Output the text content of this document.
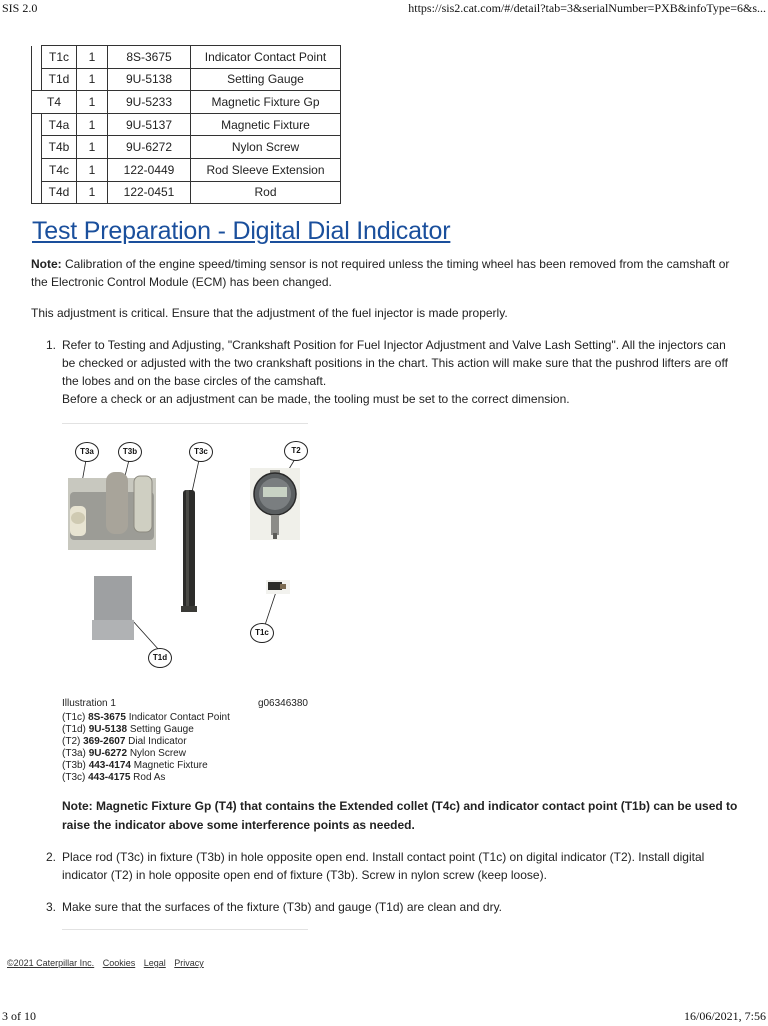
SIS 2.0	https://sis2.cat.com/#/detail?tab=3&serialNumber=PXB&infoType=6&s...
	T1c	1	8S-3675	Indicator Contact Point
	T1d	1	9U-5138	Setting Gauge
T4		1	9U-5233	Magnetic Fixture Gp
	T4a	1	9U-5137	Magnetic Fixture
	T4b	1	9U-6272	Nylon Screw
	T4c	1	122-0449	Rod Sleeve Extension
	T4d	1	122-0451	Rod
Test Preparation - Digital Dial Indicator

Note: Calibration of the engine speed/timing sensor is not required unless the timing wheel has been removed from the camshaft or the Electronic Control Module (ECM) has been changed.

This adjustment is critical. Ensure that the adjustment of the fuel injector is made properly.

1. Refer to Testing and Adjusting, "Crankshaft Position for Fuel Injector Adjustment and Valve Lash Setting". All the injectors can be checked or adjusted with the two crankshaft positions in the chart. This action will make sure that the pushrod lifters are off the lobes and on the base circles of the camshaft.
Before a check or an adjustment can be made, the tooling must be set to the correct dimension.
T3a	T3b	T3c	T2
T1c
T1d
Illustration 1	g06346380
(T1c) 8S-3675 Indicator Contact Point
(T1d) 9U-5138 Setting Gauge
(T2) 369-2607 Dial Indicator
(T3a) 9U-6272 Nylon Screw
(T3b) 443-4174 Magnetic Fixture
(T3c) 443-4175 Rod As
Note: Magnetic Fixture Gp (T4) that contains the Extended collet (T4c) and indicator contact point (T1b) can be used to raise the indicator above some interference points as needed.
2. Place rod (T3c) in fixture (T3b) in hole opposite open end. Install contact point (T1c) on digital indicator (T2). Install digital indicator (T2) in hole opposite open end of fixture (T3b). Screw in nylon screw (keep loose).
3. Make sure that the surfaces of the fixture (T3b) and gauge (T1d) are clean and dry.
©2021 Caterpillar Inc. Cookies Legal Privacy
3 of 10	16/06/2021, 7:56
